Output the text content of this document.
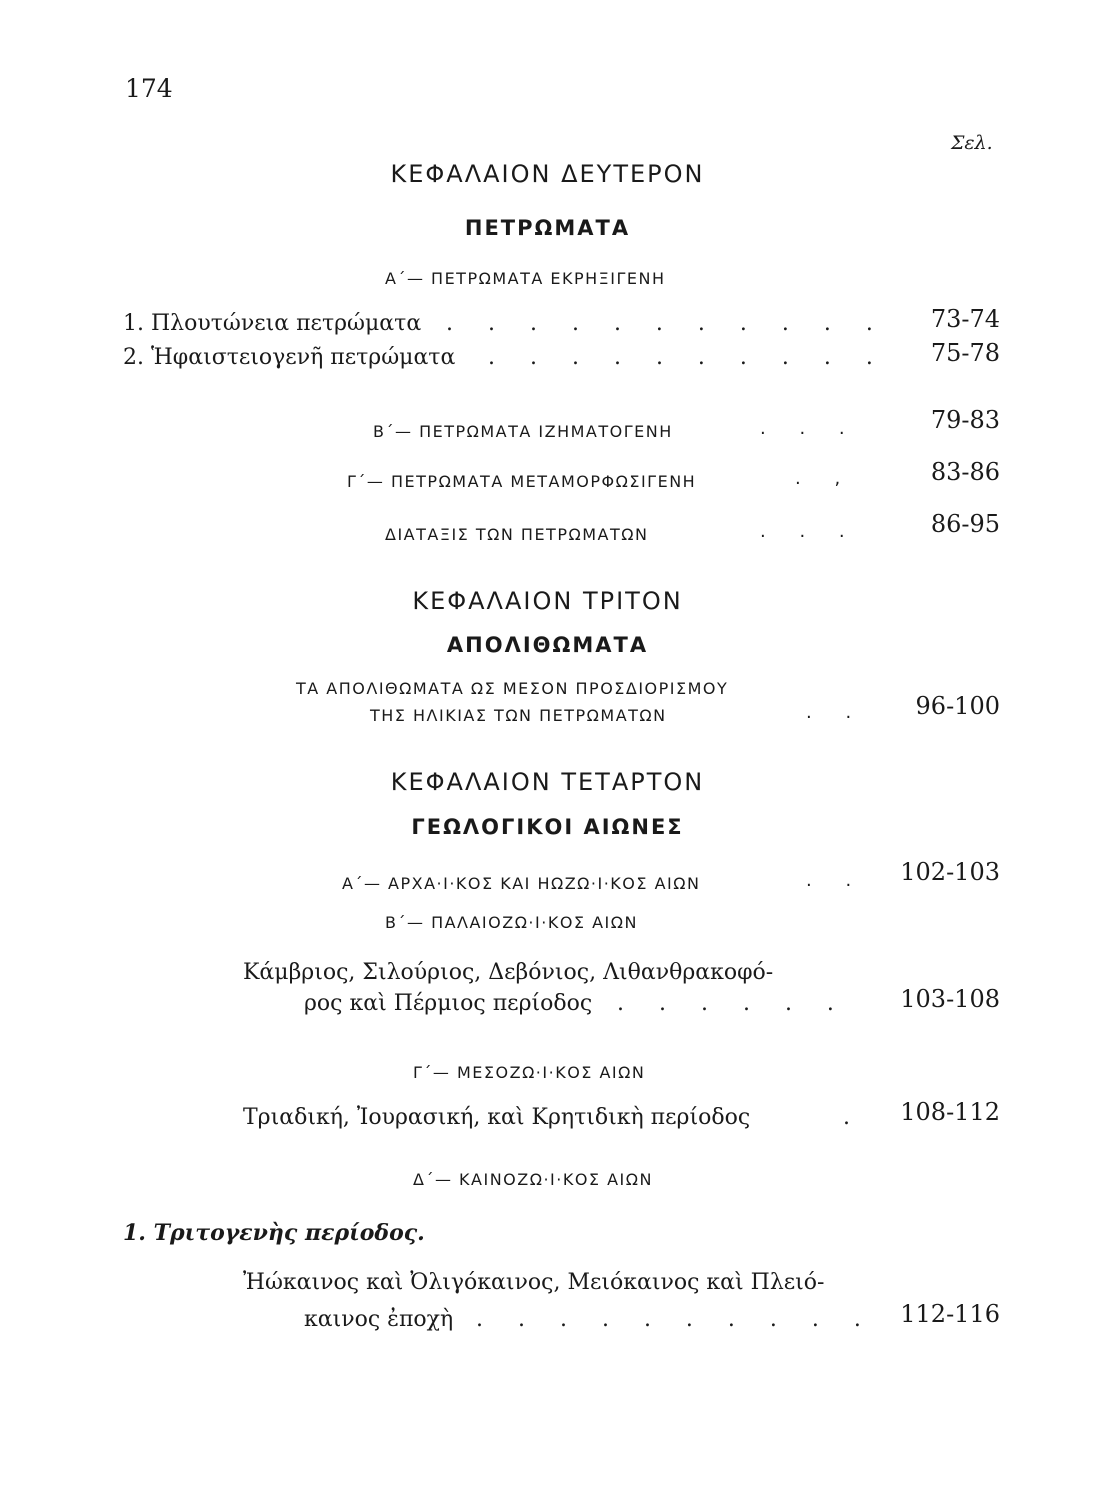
174
Σελ.
ΚΕΦΑΛΑΙΟΝ ΔΕΥΤΕΡΟΝ
ΠΕΤΡΩΜΑΤΑ
Α΄— ΠΕΤΡΩΜΑΤΑ ΕΚΡΗΞΙΓΕΝΗ
1. Πλουτώνεια πετρώματα . . . . . . . . . . .	73-74
2. Ἡφαιστειογενῆ πετρώματα . . . . . . . . . .	75-78
Β΄— ΠΕΤΡΩΜΑΤΑ ΙΖΗΜΑΤΟΓΕΝΗ	. . .	79-83
Γ΄— ΠΕΤΡΩΜΑΤΑ ΜΕΤΑΜΟΡΦΩΣΙΓΕΝΗ	. ,	83-86
ΔΙΑΤΑΞΙΣ ΤΩΝ ΠΕΤΡΩΜΑΤΩΝ	. . .	86-95
ΚΕΦΑΛΑΙΟΝ ΤΡΙΤΟΝ
ΑΠΟΛΙΘΩΜΑΤΑ
ΤΑ ΑΠΟΛΙΘΩΜΑΤΑ ΩΣ ΜΕΣΟΝ ΠΡΟΣΔΙΟΡΙΣΜΟΥ
ΤΗΣ ΗΛΙΚΙΑΣ ΤΩΝ ΠΕΤΡΩΜΑΤΩΝ	. .	96-100
ΚΕΦΑΛΑΙΟΝ ΤΕΤΑΡΤΟΝ
ΓΕΩΛΟΓΙΚΟΙ ΑΙΩΝΕΣ
Α΄— ΑΡΧΑ·Ι·ΚΟΣ ΚΑΙ ΗΩΖΩ·Ι·ΚΟΣ ΑΙΩΝ	. .	102-103
Β΄— ΠΑΛΑΙΟΖΩ·Ι·ΚΟΣ ΑΙΩΝ
Κάμβριος, Σιλούριος, Δεβόνιος, Λιθανθρακοφό-
ρος καὶ Πέρμιος περίοδος . . . . . .	103-108
Γ΄— ΜΕΣΟΖΩ·Ι·ΚΟΣ ΑΙΩΝ
Τριαδική, Ἰουρασική, καὶ Κρητιδικὴ περίοδος	.	108-112
Δ΄— ΚΑΙΝΟΖΩ·Ι·ΚΟΣ ΑΙΩΝ
1. Τριτογενὴς περίοδος.
Ἠώκαινος καὶ Ὀλιγόκαινος, Μειόκαινος καὶ Πλειό-
καινος ἐποχὴ . . . . . . . . . .	112-116
